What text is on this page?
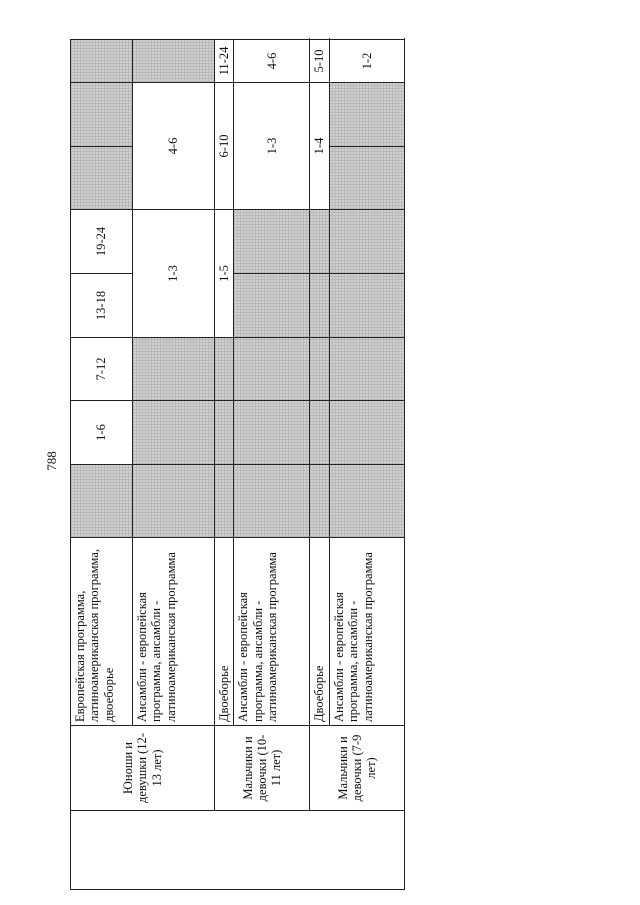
788
	Юноши и девушки (12-13 лет)	Европейская программа, латиноамериканская программа, двоеборье		1-6	7-12	13-18	19-24			
		Ансамбли - европейская программа, ансамбли - латиноамериканская программа				1-3		4-6		
	Мальчики и девочки (10-11 лет)	Двоеборье				1-5		6-10		11-24
		Ансамбли - европейская программа, ансамбли - латиноамериканская программа						1-3		4-6
	Мальчики и девочки (7-9 лет)	Двоеборье						1-4		5-10
		Ансамбли - европейская программа, ансамбли - латиноамериканская программа								1-2
